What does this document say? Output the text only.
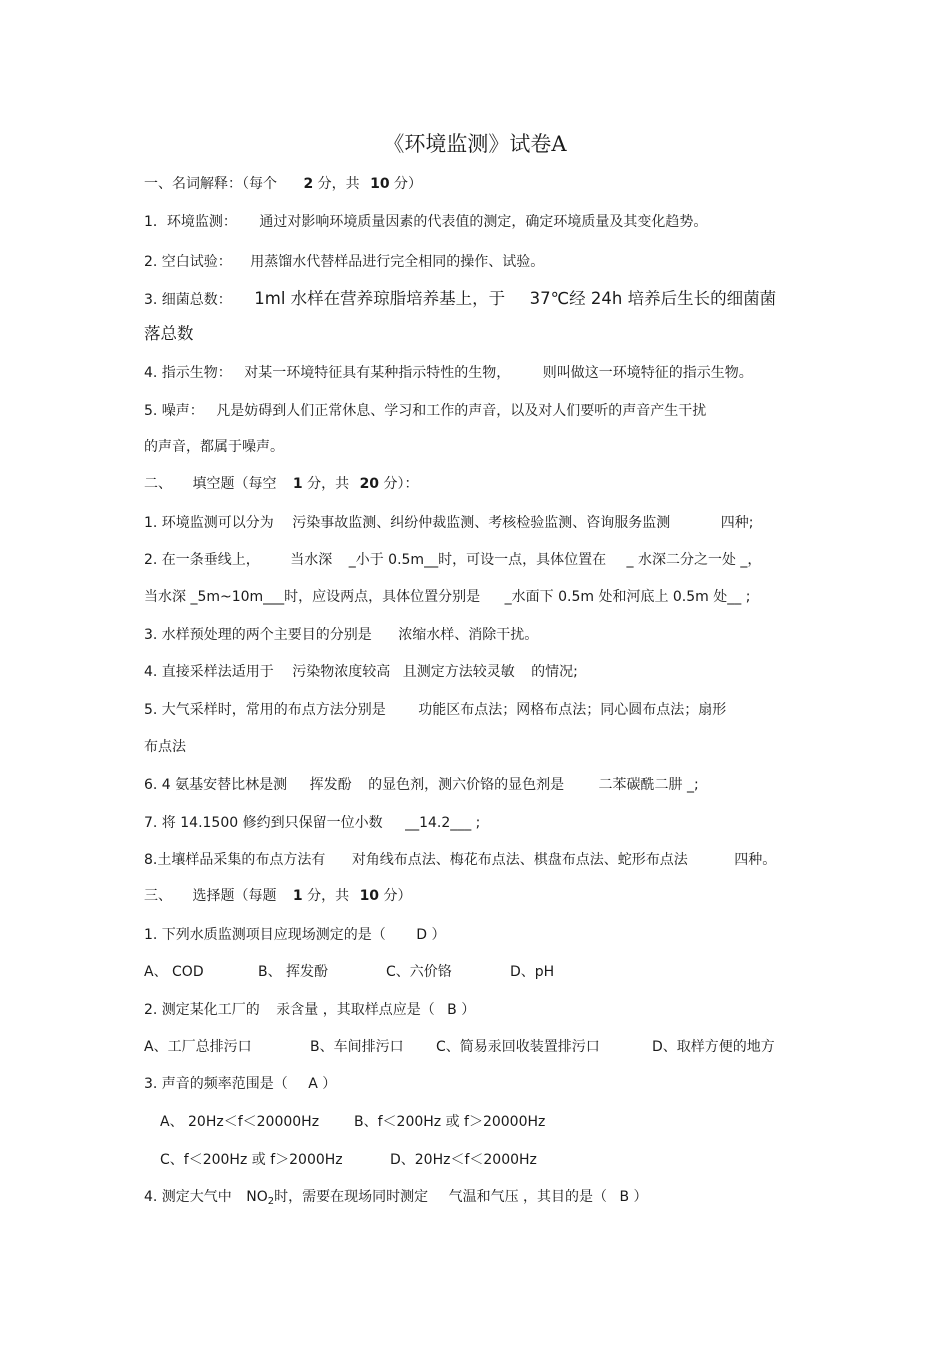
《环境监测》试卷A
一、名词解释：（每个 2 分，共 10 分）
1．环境监测： 通过对影响环境质量因素的代表值的测定，确定环境质量及其变化趋势。
2. 空白试验： 用蒸馏水代替样品进行完全相同的操作、试验。
3. 细菌总数： 1ml 水样在营养琼脂培养基上，于 37℃经 24h 培养后生长的细菌菌
落总数
4. 指示生物： 对某一环境特征具有某种指示特性的生物， 则叫做这一环境特征的指示生物。
5. 噪声： 凡是妨碍到人们正常休息、学习和工作的声音，以及对人们要听的声音产生干扰
的声音，都属于噪声。
二、 填空题（每空 1 分，共 20 分）：
1. 环境监测可以分为 污染事故监测、纠纷仲裁监测、考核检验监测、咨询服务监测	四种;
2. 在一条垂线上， 当水深 _小于 0.5m__时，可设一点，具体位置在 _ 水深二分之一处 _，
当水深 _5m~10m___时，应设两点，具体位置分别是 _水面下 0.5m 处和河底上 0.5m 处__ ;
3. 水样预处理的两个主要目的分别是 浓缩水样、消除干扰。
4. 直接采样法适用于 污染物浓度较高 且测定方法较灵敏 的情况;
5. 大气采样时，常用的布点方法分别是 功能区布点法；网格布点法；同心圆布点法；扇形
布点法
6. 4 氨基安替比林是测 挥发酚 的显色剂，测六价铬的显色剂是 二苯碳酰二肼 _;
7. 将 14.1500 修约到只保留一位小数 __14.2___ ;
8.土壤样品采集的布点方法有 对角线布点法、梅花布点法、棋盘布点法、蛇形布点法	四种。
三、 选择题（每题 1 分，共 10 分）
1. 下列水质监测项目应现场测定的是（ D ）
A、 COD	B、 挥发酚	C、六价铬	D、pH
2. 测定某化工厂的 汞含量 ，其取样点应是（ B ）
A、工厂总排污口	B、车间排污口 C、简易汞回收装置排污口	D、取样方便的地方
3. 声音的频率范围是（ A ）
A、 20Hz＜f＜20000Hz B、f＜200Hz 或 f＞20000Hz
C、f＜200Hz 或 f＞2000Hz	D、20Hz＜f＜2000Hz
4. 测定大气中 $NO_2$时，需要在现场同时测定 气温和气压 ，其目的是（ B ）
